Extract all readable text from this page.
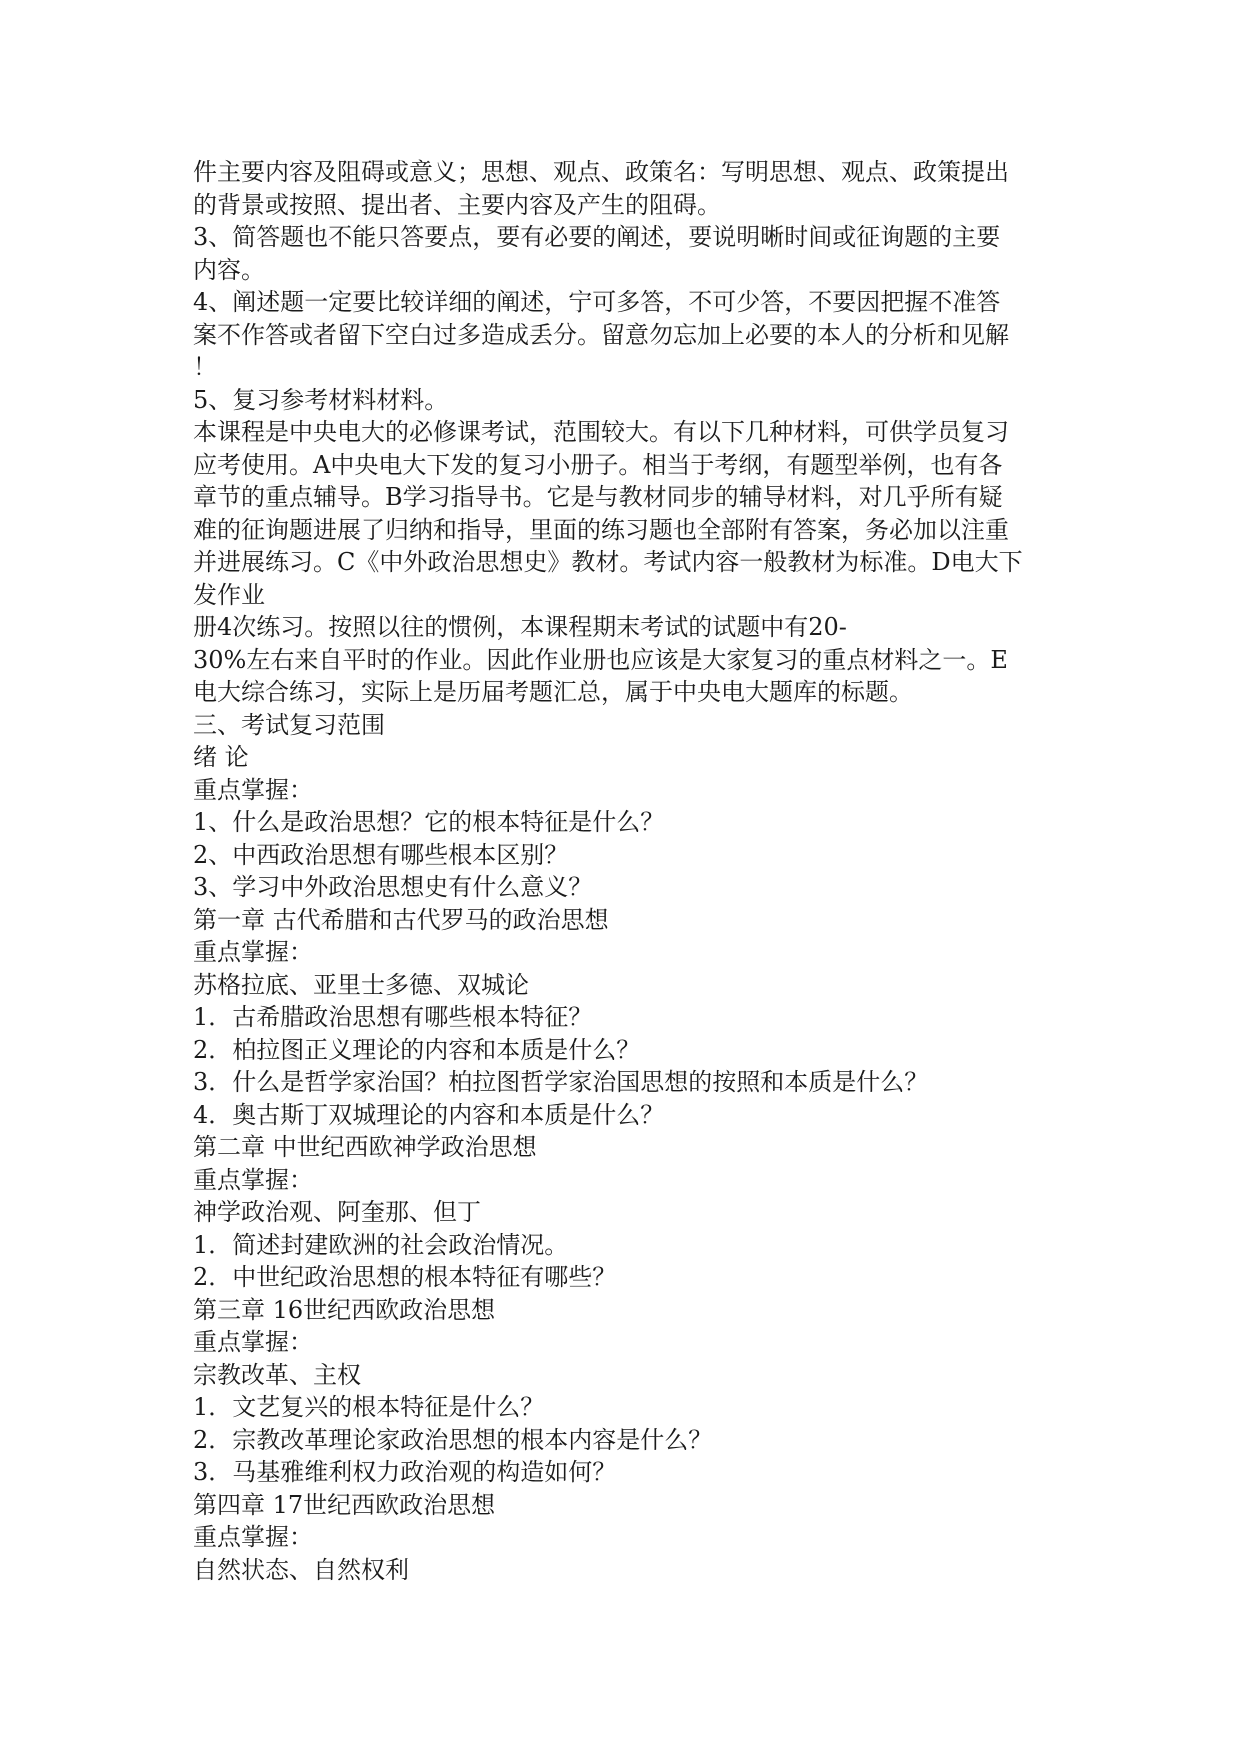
件主要内容及阻碍或意义；思想、观点、政策名：写明思想、观点、政策提出
的背景或按照、提出者、主要内容及产生的阻碍。
3、简答题也不能只答要点，要有必要的阐述，要说明晰时间或征询题的主要
内容。
4、阐述题一定要比较详细的阐述，宁可多答，不可少答，不要因把握不准答
案不作答或者留下空白过多造成丢分。留意勿忘加上必要的本人的分析和见解
！
5、复习参考材料材料。
本课程是中央电大的必修课考试，范围较大。有以下几种材料，可供学员复习
应考使用。A中央电大下发的复习小册子。相当于考纲，有题型举例，也有各
章节的重点辅导。B学习指导书。它是与教材同步的辅导材料，对几乎所有疑
难的征询题进展了归纳和指导，里面的练习题也全部附有答案，务必加以注重
并进展练习。C《中外政治思想史》教材。考试内容一般教材为标准。D电大下
发作业
册4次练习。按照以往的惯例，本课程期末考试的试题中有20-
30%左右来自平时的作业。因此作业册也应该是大家复习的重点材料之一。E
电大综合练习，实际上是历届考题汇总，属于中央电大题库的标题。
三、考试复习范围
绪 论
重点掌握：
1、什么是政治思想？它的根本特征是什么？
2、中西政治思想有哪些根本区别？
3、学习中外政治思想史有什么意义？
第一章 古代希腊和古代罗马的政治思想
重点掌握：
苏格拉底、亚里士多德、双城论
1．古希腊政治思想有哪些根本特征？
2．柏拉图正义理论的内容和本质是什么？
3．什么是哲学家治国？柏拉图哲学家治国思想的按照和本质是什么？
4．奥古斯丁双城理论的内容和本质是什么？
第二章 中世纪西欧神学政治思想
重点掌握：
神学政治观、阿奎那、但丁
1．简述封建欧洲的社会政治情况。
2．中世纪政治思想的根本特征有哪些？
第三章 16世纪西欧政治思想
重点掌握：
宗教改革、主权
1．文艺复兴的根本特征是什么？
2．宗教改革理论家政治思想的根本内容是什么？
3．马基雅维利权力政治观的构造如何？
第四章 17世纪西欧政治思想
重点掌握：
自然状态、自然权利
